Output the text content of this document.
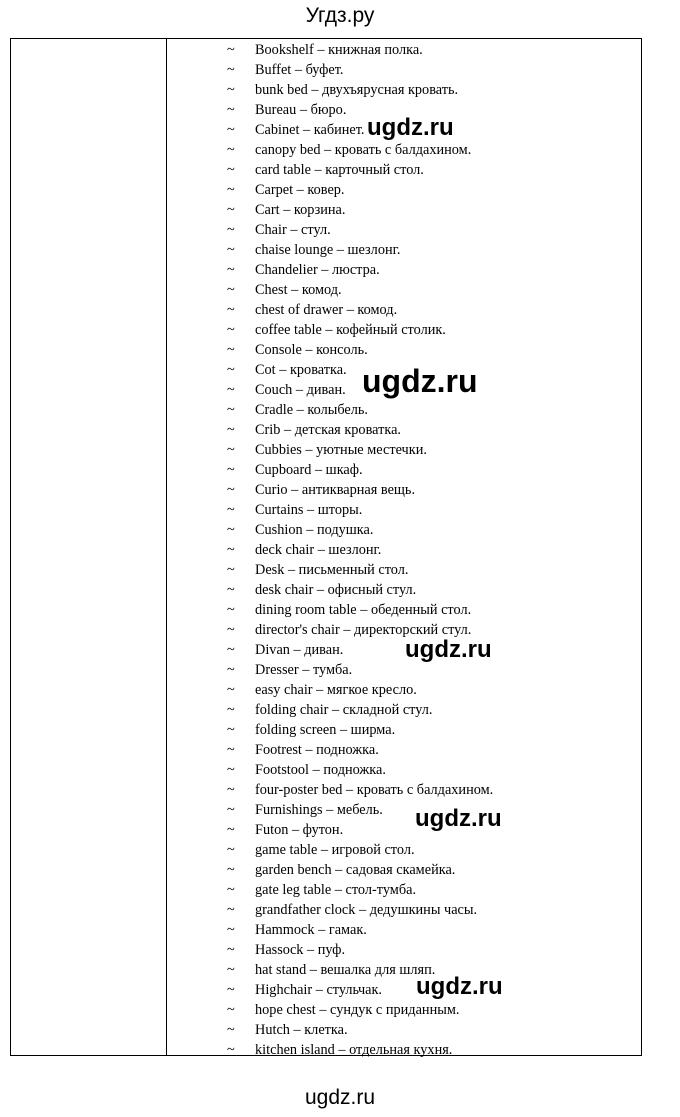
Угдз.ру
~ Bookshelf – книжная полка.
~ Buffet – буфет.
~ bunk bed – двухъярусная кровать.
~ Bureau – бюро.
~ Cabinet – кабинет.
~ canopy bed – кровать с балдахином.
~ card table – карточный стол.
~ Carpet – ковер.
~ Cart – корзина.
~ Chair – стул.
~ chaise lounge – шезлонг.
~ Chandelier – люстра.
~ Chest – комод.
~ chest of drawer – комод.
~ coffee table – кофейный столик.
~ Console – консоль.
~ Cot – кроватка.
~ Couch – диван.
~ Cradle – колыбель.
~ Crib – детская кроватка.
~ Cubbies – уютные местечки.
~ Cupboard – шкаф.
~ Curio – антикварная вещь.
~ Curtains – шторы.
~ Cushion – подушка.
~ deck chair – шезлонг.
~ Desk – письменный стол.
~ desk chair – офисный стул.
~ dining room table – обеденный стол.
~ director's chair – директорский стул.
~ Divan – диван.
~ Dresser – тумба.
~ easy chair – мягкое кресло.
~ folding chair – складной стул.
~ folding screen – ширма.
~ Footrest – подножка.
~ Footstool – подножка.
~ four-poster bed – кровать с балдахином.
~ Furnishings – мебель.
~ Futon – футон.
~ game table – игровой стол.
~ garden bench – садовая скамейка.
~ gate leg table – стол-тумба.
~ grandfather clock – дедушкины часы.
~ Hammock – гамак.
~ Hassock – пуф.
~ hat stand – вешалка для шляп.
~ Highchair – стульчак.
~ hope chest – сундук с приданным.
~ Hutch – клетка.
~ kitchen island – отдельная кухня.
ugdz.ru
ugdz.ru
ugdz.ru
ugdz.ru
ugdz.ru
ugdz.ru
